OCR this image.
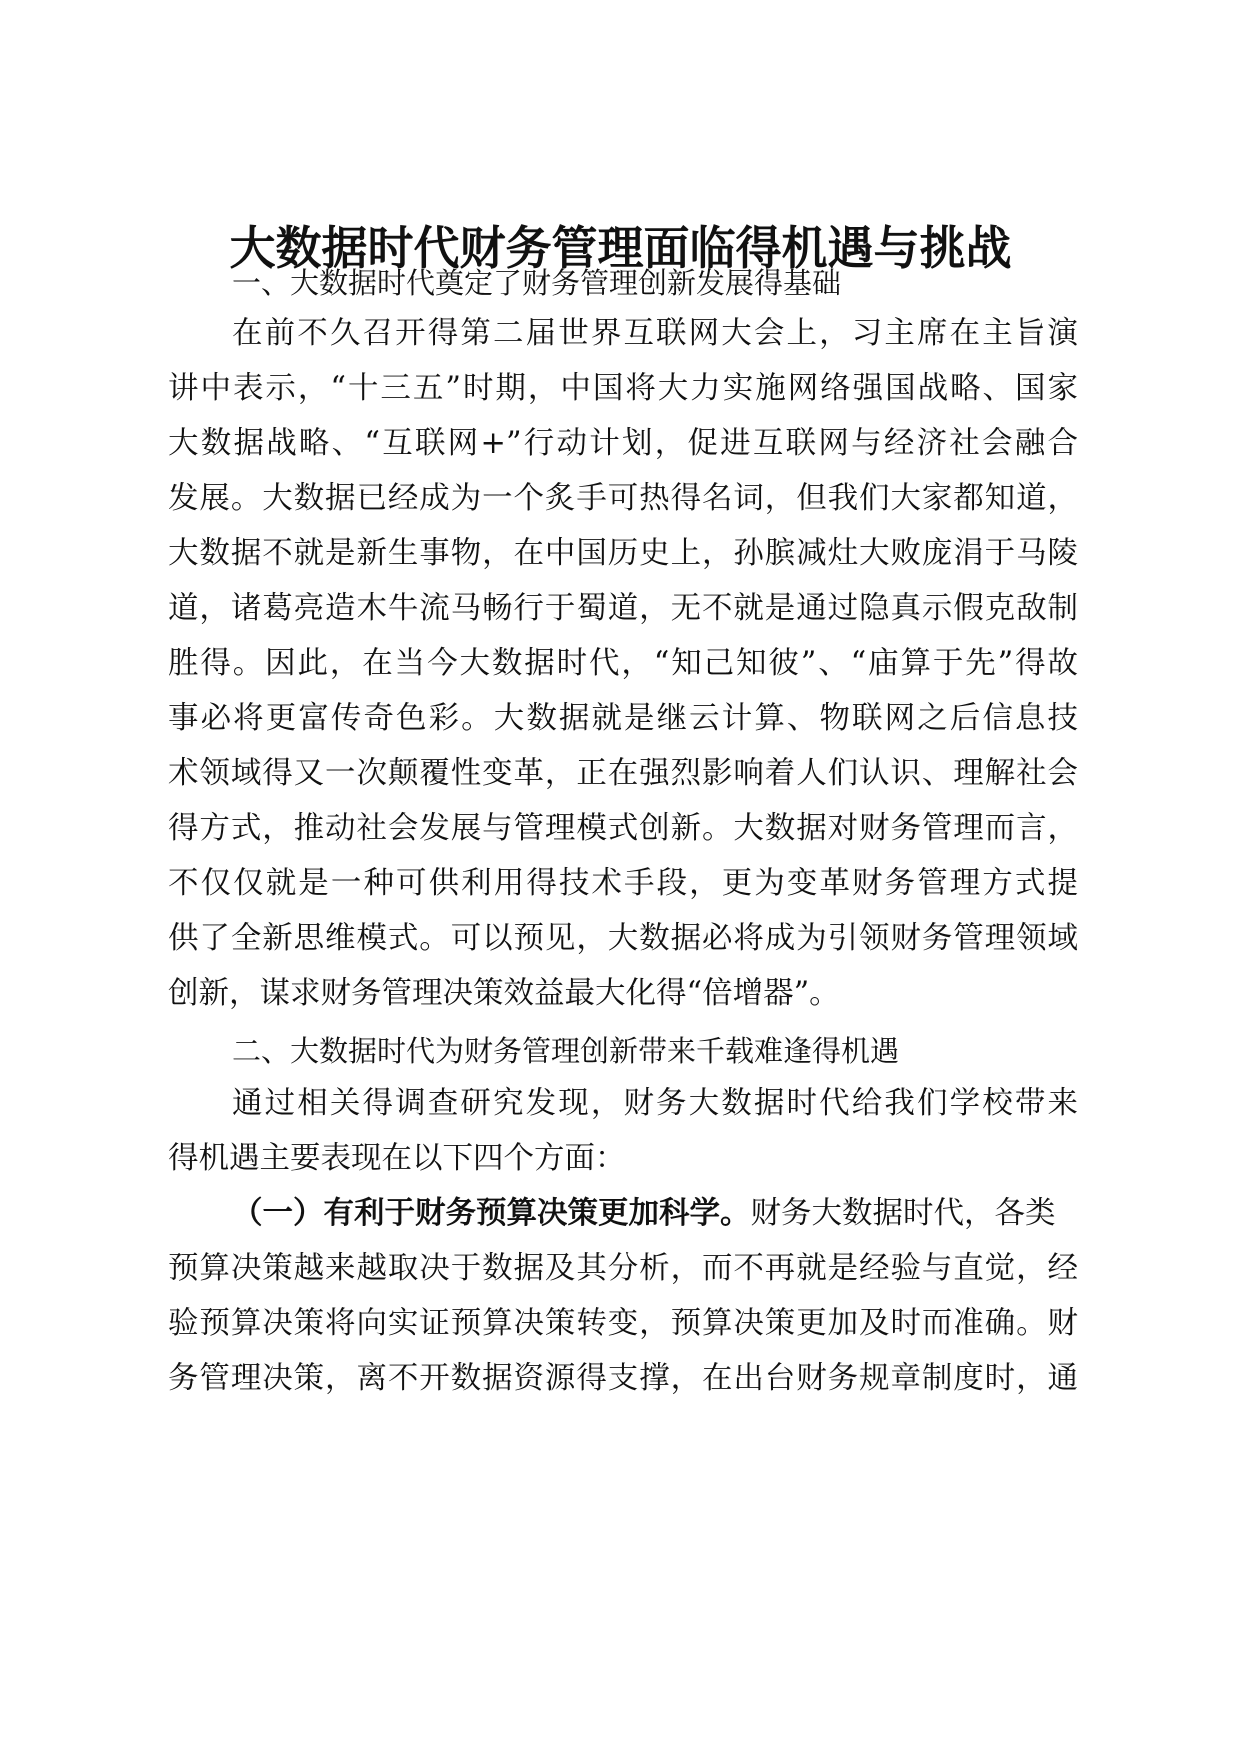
大数据时代财务管理面临得机遇与挑战

一、大数据时代奠定了财务管理创新发展得基础

在前不久召开得第二届世界互联网大会上，习主席在主旨演

讲中表示，“十三五”时期，中国将大力实施网络强国战略、国家

大数据战略、“互联网+”行动计划，促进互联网与经济社会融合

发展。大数据已经成为一个炙手可热得名词，但我们大家都知道，

大数据不就是新生事物，在中国历史上，孙膑减灶大败庞涓于马陵

道，诸葛亮造木牛流马畅行于蜀道，无不就是通过隐真示假克敌制

胜得。因此，在当今大数据时代，“知己知彼”、“庙算于先”得故

事必将更富传奇色彩。大数据就是继云计算、物联网之后信息技

术领域得又一次颠覆性变革，正在强烈影响着人们认识、理解社会

得方式，推动社会发展与管理模式创新。大数据对财务管理而言，

不仅仅就是一种可供利用得技术手段，更为变革财务管理方式提

供了全新思维模式。可以预见，大数据必将成为引领财务管理领域

创新，谋求财务管理决策效益最大化得“倍增器”。

二、大数据时代为财务管理创新带来千载难逢得机遇

通过相关得调查研究发现，财务大数据时代给我们学校带来

得机遇主要表现在以下四个方面：

（一）有利于财务预算决策更加科学。财务大数据时代，各类

预算决策越来越取决于数据及其分析，而不再就是经验与直觉，经

验预算决策将向实证预算决策转变，预算决策更加及时而准确。财

务管理决策，离不开数据资源得支撑，在出台财务规章制度时，通
